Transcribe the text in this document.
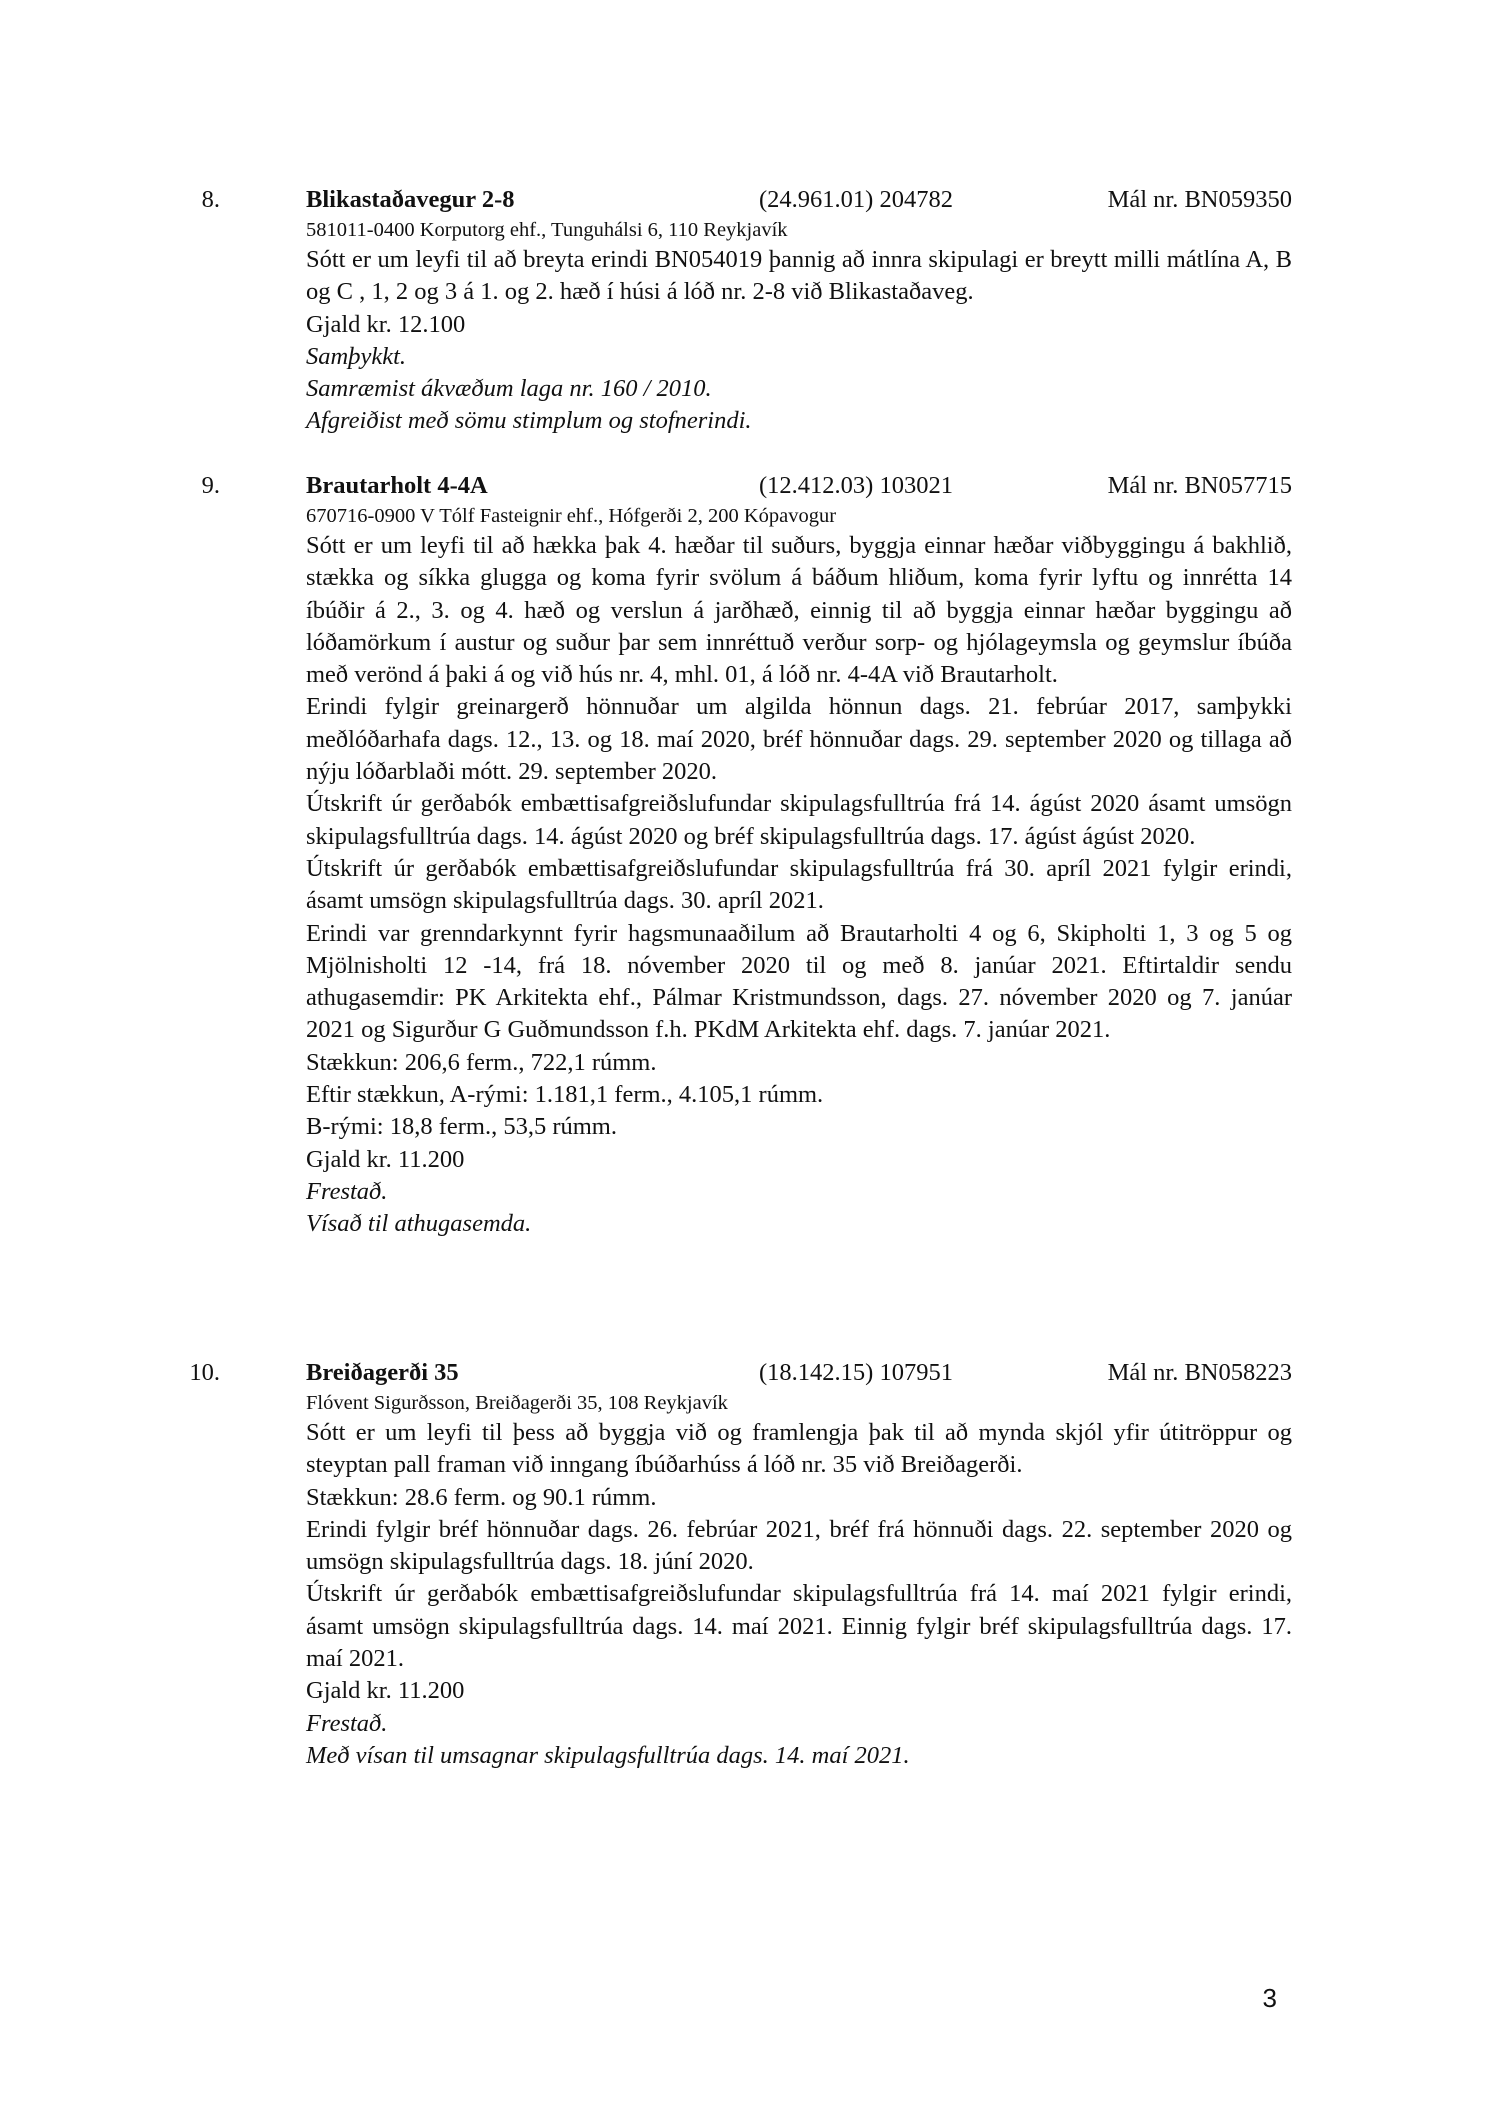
8.	Blikastaðavegur 2-8	(24.961.01) 204782	Mál nr. BN059350
581011-0400 Korputorg ehf., Tunguhálsi 6, 110 Reykjavík

Sótt er um leyfi til að breyta erindi BN054019 þannig að innra skipulagi er breytt milli mátlína A, B og C , 1, 2 og 3 á 1. og 2. hæð í húsi á lóð nr. 2-8 við Blikastaðaveg.

Gjald kr. 12.100

Samþykkt.

Samræmist ákvæðum laga nr. 160 / 2010.

Afgreiðist með sömu stimplum og stofnerindi.

9.	Brautarholt 4-4A	(12.412.03) 103021	Mál nr. BN057715
670716-0900 V Tólf Fasteignir ehf., Hófgerði 2, 200 Kópavogur

Sótt er um leyfi til að hækka þak 4. hæðar til suðurs, byggja einnar hæðar viðbyggingu á bakhlið, stækka og síkka glugga og koma fyrir svölum á báðum hliðum, koma fyrir lyftu og innrétta 14 íbúðir á 2., 3. og 4. hæð og verslun á jarðhæð, einnig til að byggja einnar hæðar byggingu að lóðamörkum í austur og suður þar sem innréttuð verður sorp- og hjólageymsla og geymslur íbúða með verönd á þaki á og við hús nr. 4, mhl. 01, á lóð nr. 4-4A við Brautarholt.

Erindi fylgir greinargerð hönnuðar um algilda hönnun dags. 21. febrúar 2017, samþykki meðlóðarhafa dags. 12., 13. og 18. maí 2020, bréf hönnuðar dags. 29. september 2020 og tillaga að nýju lóðarblaði mótt. 29. september 2020.

Útskrift úr gerðabók embættisafgreiðslufundar skipulagsfulltrúa frá 14. ágúst 2020 ásamt umsögn skipulagsfulltrúa dags. 14. ágúst 2020 og bréf skipulagsfulltrúa dags. 17. ágúst ágúst 2020.

Útskrift úr gerðabók embættisafgreiðslufundar skipulagsfulltrúa frá 30. apríl 2021 fylgir erindi, ásamt umsögn skipulagsfulltrúa dags. 30. apríl 2021.

Erindi var grenndarkynnt fyrir hagsmunaaðilum að Brautarholti 4 og 6, Skipholti 1, 3 og 5 og Mjölnisholti 12 -14, frá 18. nóvember 2020 til og með 8. janúar 2021. Eftirtaldir sendu athugasemdir: PK Arkitekta ehf., Pálmar Kristmundsson, dags. 27. nóvember 2020 og 7. janúar 2021 og Sigurður G Guðmundsson f.h. PKdM Arkitekta ehf. dags. 7. janúar 2021.

Stækkun: 206,6 ferm., 722,1 rúmm.

Eftir stækkun, A-rými: 1.181,1 ferm., 4.105,1 rúmm.

B-rými: 18,8 ferm., 53,5 rúmm.

Gjald kr. 11.200

Frestað.

Vísað til athugasemda.

10.	Breiðagerði 35	(18.142.15) 107951	Mál nr. BN058223
Flóvent Sigurðsson, Breiðagerði 35, 108 Reykjavík

Sótt er um leyfi til þess að byggja við og framlengja þak til að mynda skjól yfir útitröppur og steyptan pall framan við inngang íbúðarhúss á lóð nr. 35 við Breiðagerði.

Stækkun: 28.6 ferm. og 90.1 rúmm.

Erindi fylgir bréf hönnuðar dags. 26. febrúar 2021, bréf frá hönnuði dags. 22. september 2020 og umsögn skipulagsfulltrúa dags. 18. júní 2020.

Útskrift úr gerðabók embættisafgreiðslufundar skipulagsfulltrúa frá 14. maí 2021 fylgir erindi, ásamt umsögn skipulagsfulltrúa dags. 14. maí 2021. Einnig fylgir bréf skipulagsfulltrúa dags. 17. maí 2021.

Gjald kr. 11.200

Frestað.

Með vísan til umsagnar skipulagsfulltrúa dags. 14. maí 2021.

3
